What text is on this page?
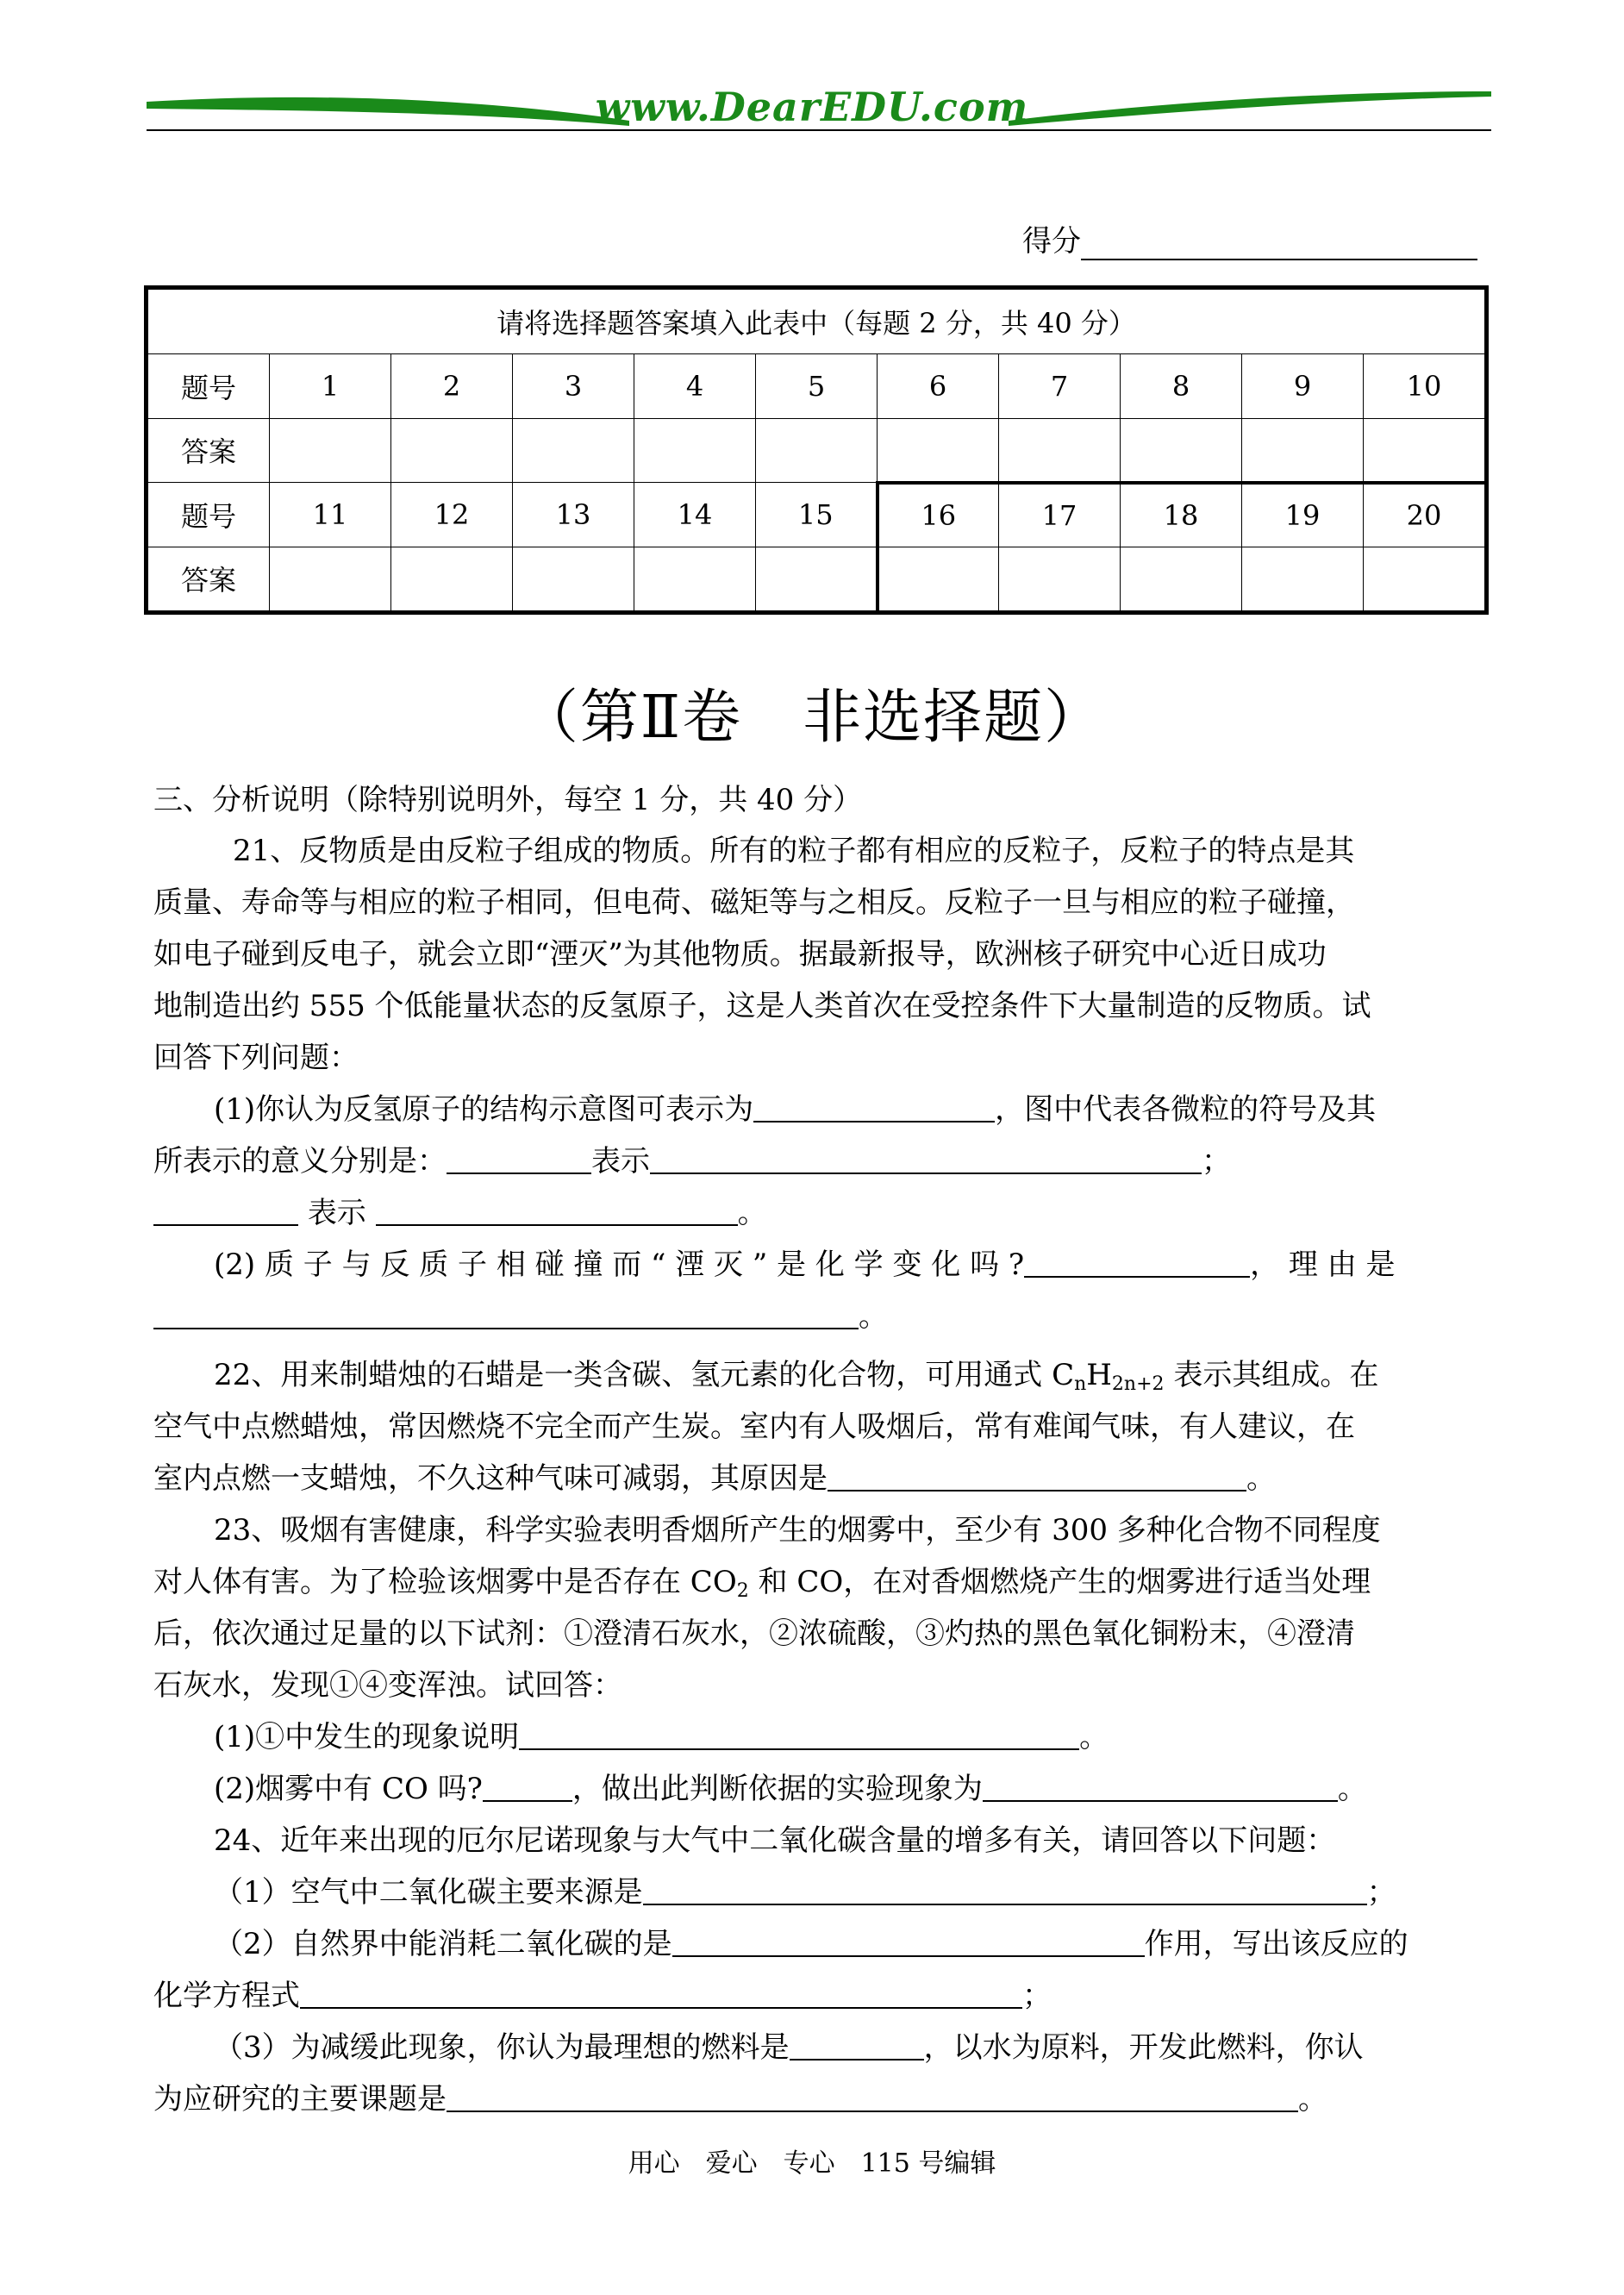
www.DearEDU.com
得分
请将选择题答案填入此表中（每题 2 分，共 40 分）										
题号	1	2	3	4	5	6	7	8	9	10
答案										
题号	11	12	13	14	15	16	17	18	19	20
答案										
（第Ⅱ卷　非选择题）
三、分析说明（除特别说明外，每空 1 分，共 40 分）
21、反物质是由反粒子组成的物质。所有的粒子都有相应的反粒子，反粒子的特点是其
质量、寿命等与相应的粒子相同，但电荷、磁矩等与之相反。反粒子一旦与相应的粒子碰撞，
如电子碰到反电子，就会立即“湮灭”为其他物质。据最新报导，欧洲核子研究中心近日成功
地制造出约 555 个低能量状态的反氢原子，这是人类首次在受控条件下大量制造的反物质。试
回答下列问题：
(1)你认为反氢原子的结构示意图可表示为	，图中代表各微粒的符号及其
所表示的意义分别是：	表示	；
表示	。
(2) 质 子 与 反 质 子 相 碰 撞 而 “ 湮 灭 ” 是 化 学 变 化 吗 ?	， 理 由 是
。
22、用来制蜡烛的石蜡是一类含碳、氢元素的化合物，可用通式 $C_nH_{2n+2}$ 表示其组成。在
空气中点燃蜡烛，常因燃烧不完全而产生炭。室内有人吸烟后，常有难闻气味，有人建议，在
室内点燃一支蜡烛，不久这种气味可减弱，其原因是	。
23、吸烟有害健康，科学实验表明香烟所产生的烟雾中，至少有 300 多种化合物不同程度
对人体有害。为了检验该烟雾中是否存在 $CO_2$ 和 CO，在对香烟燃烧产生的烟雾进行适当处理
后，依次通过足量的以下试剂：①澄清石灰水，②浓硫酸，③灼热的黑色氧化铜粉末，④澄清
石灰水，发现①④变浑浊。试回答：
(1)①中发生的现象说明	。
(2)烟雾中有 CO 吗?	，做出此判断依据的实验现象为	。
24、近年来出现的厄尔尼诺现象与大气中二氧化碳含量的增多有关，请回答以下问题：
（1）空气中二氧化碳主要来源是	；
（2）自然界中能消耗二氧化碳的是	作用，写出该反应的
化学方程式	；
（3）为减缓此现象，你认为最理想的燃料是	，以水为原料，开发此燃料，你认
为应研究的主要课题是	。
用心　爱心　专心　115 号编辑
